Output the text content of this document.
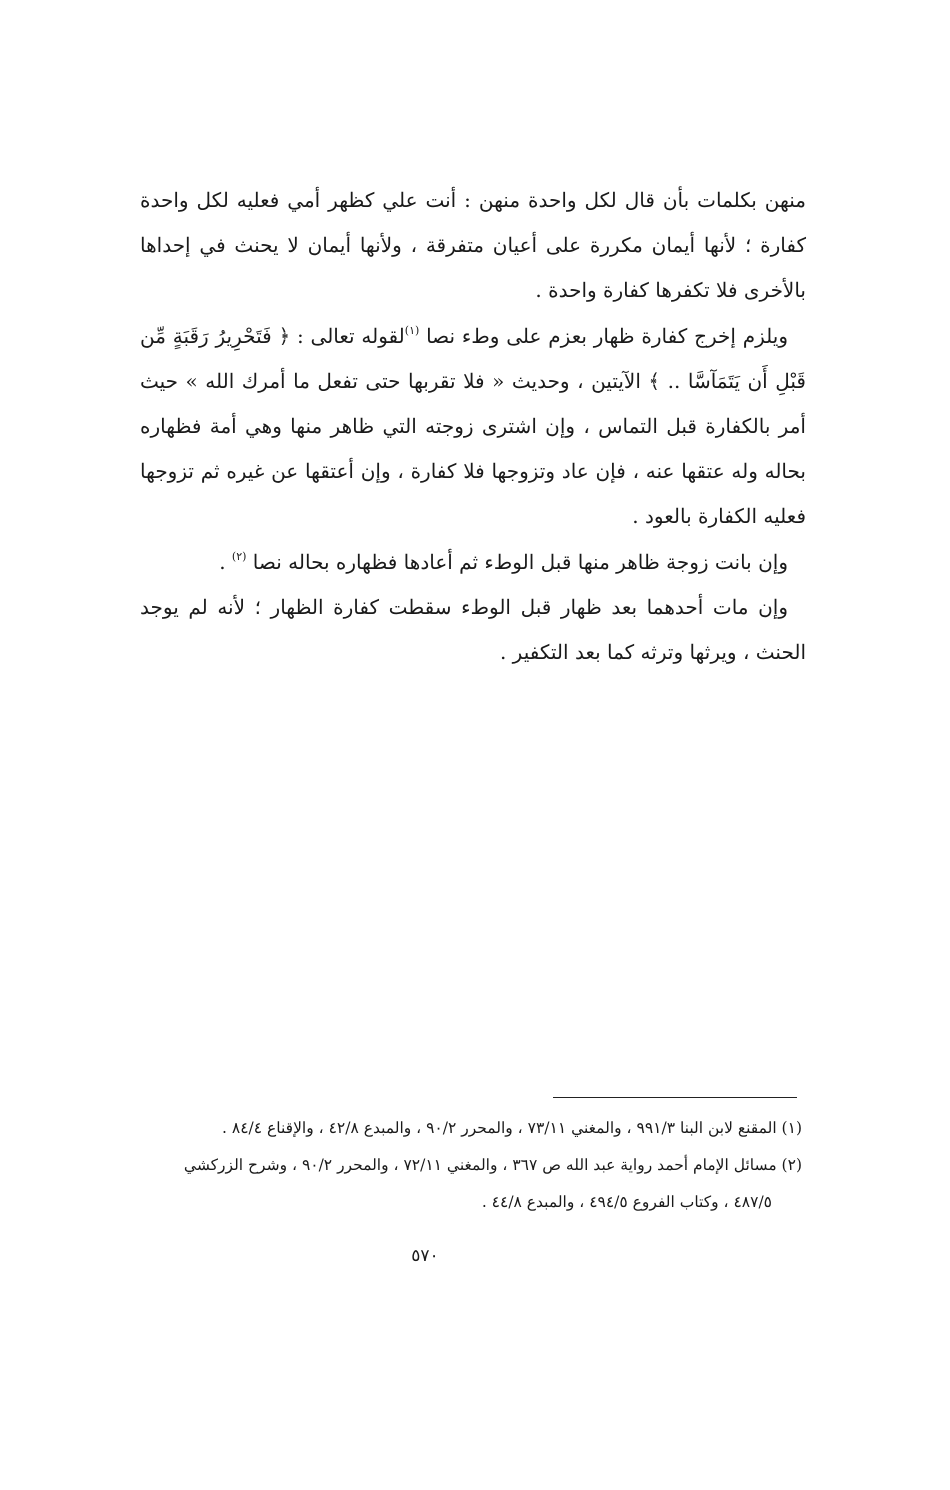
منهن بكلمات بأن قال لكل واحدة منهن : أنت علي كظهر أمي فعليه لكل واحدة كفارة ؛ لأنها أيمان مكررة على أعيان متفرقة ، ولأنها أيمان لا يحنث في إحداها بالأخرى فلا تكفرها كفارة واحدة .

ويلزم إخرج كفارة ظهار بعزم على وطء نصا $^{(١)}$لقوله تعالى : ﴿ فَتَحْرِيرُ رَقَبَةٍ مِّن قَبْلِ أَن يَتَمَآسَّا .. ﴾ الآيتين ، وحديث « فلا تقربها حتى تفعل ما أمرك الله » حيث أمر بالكفارة قبل التماس ، وإن اشترى زوجته التي ظاهر منها وهي أمة فظهاره بحاله وله عتقها عنه ، فإن عاد وتزوجها فلا كفارة ، وإن أعتقها عن غيره ثم تزوجها فعليه الكفارة بالعود .

وإن بانت زوجة ظاهر منها قبل الوطء ثم أعادها فظهاره بحاله نصا $^{(٢)}$ .

وإن مات أحدهما بعد ظهار قبل الوطء سقطت كفارة الظهار ؛ لأنه لم يوجد الحنث ، ويرثها وترثه كما بعد التكفير .

(١) المقنع لابن البنا ٩٩١/٣ ، والمغني ٧٣/١١ ، والمحرر ٩٠/٢ ، والمبدع ٤٢/٨ ، والإقناع ٨٤/٤ .

(٢) مسائل الإمام أحمد رواية عبد الله ص ٣٦٧ ، والمغني ٧٢/١١ ، والمحرر ٩٠/٢ ، وشرح الزركشي

٤٨٧/٥ ، وكتاب الفروع ٤٩٤/٥ ، والمبدع ٤٤/٨ .

٥٧٠
